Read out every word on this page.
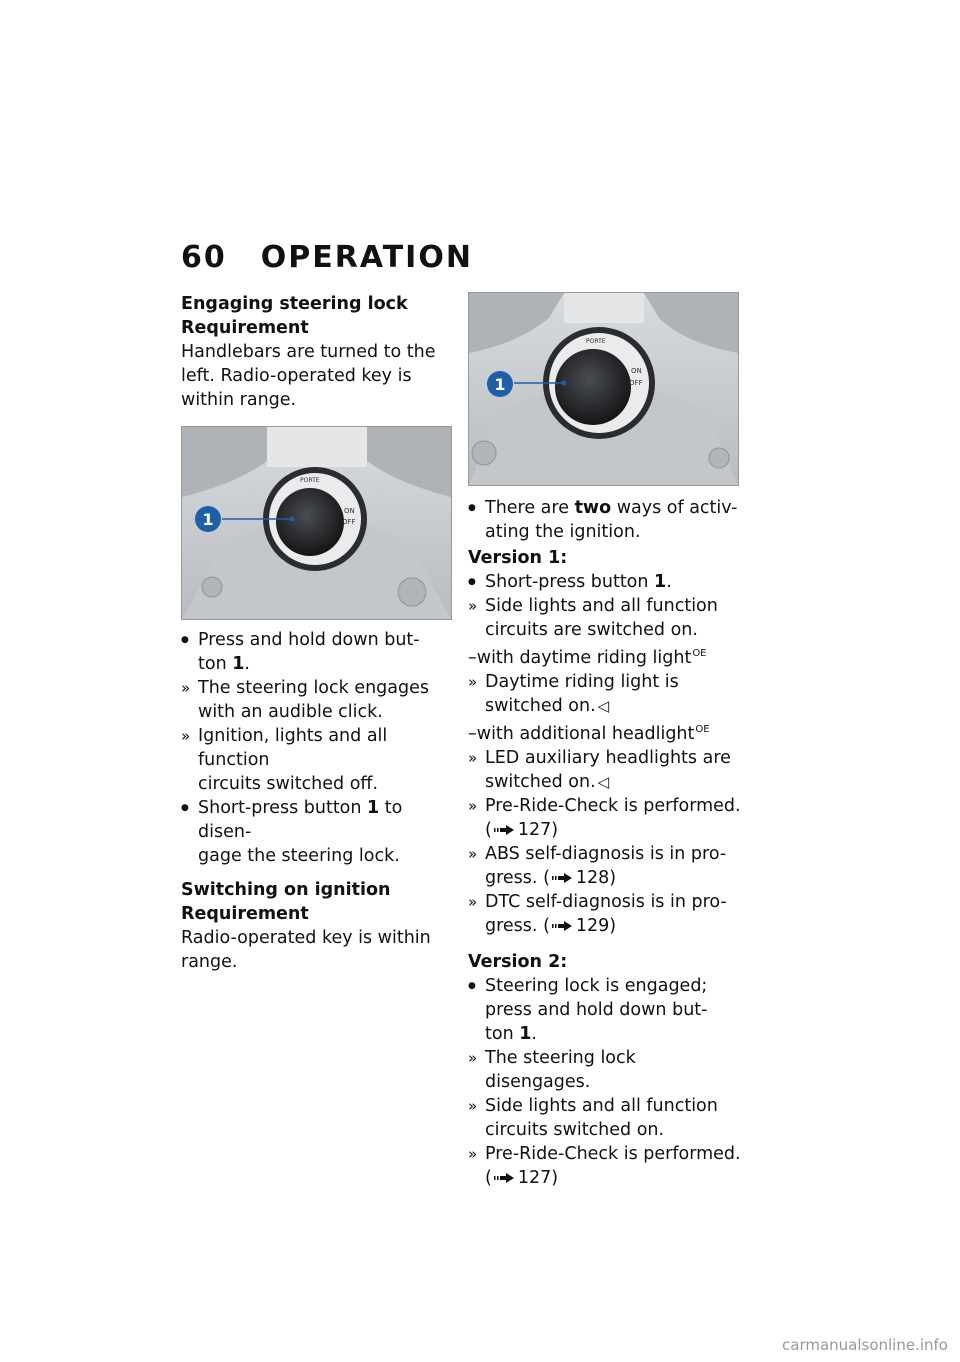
60 OPERATION
Engaging steering lock
Requirement

Handlebars are turned to the left. Radio-operated key is within range.

PORTE
ON
OFF
1
●
Press and hold down but-
ton 1.
»
The steering lock engages
with an audible click.
»
Ignition, lights and all function
circuits switched off.
●
Short-press button 1 to disen-
gage the steering lock.
Switching on ignition
Requirement

Radio-operated key is within range.

PORTE
ON
OFF
1
●
There are two ways of activ-
ating the ignition.
Version 1:
●
Short-press button 1.
»
Side lights and all function
circuits are switched on.
–with daytime riding light$^{OE}$
»
Daytime riding light is
switched on. ◁
–with additional headlight$^{OE}$
»
LED auxiliary headlights are
switched on. ◁
»
Pre-Ride-Check is performed.
( 127)
»
ABS self-diagnosis is in pro-
gress. ( 128)
»
DTC self-diagnosis is in pro-
gress. ( 129)
Version 2:
●
Steering lock is engaged;
press and hold down but-
ton 1.
»
The steering lock disengages.
»
Side lights and all function
circuits switched on.
»
Pre-Ride-Check is performed.
( 127)
carmanualsonline.info
